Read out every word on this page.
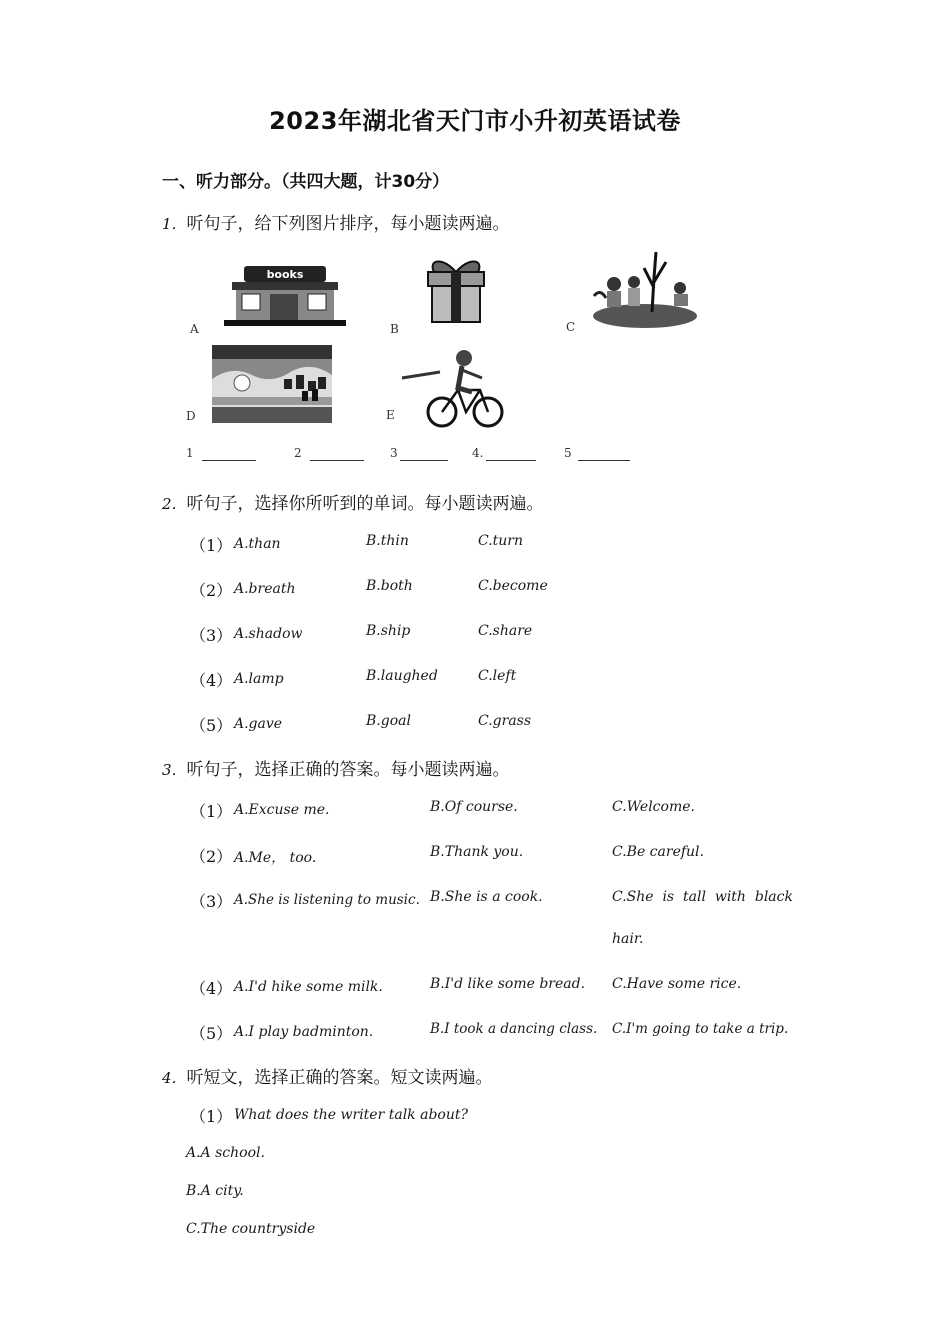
2023年湖北省天门市小升初英语试卷
一、听力部分。（共四大题，计30分）
1．听句子，给下列图片排序，每小题读两遍。
A
books
B	C
D	E
1	2	3	4.	5
2．听句子，选择你所听到的单词。每小题读两遍。
（1） A.than	B.thin	C.turn
（2） A.breath	B.both	C.become
（3） A.shadow	B.ship	C.share
（4） A.lamp	B.laughed	C.left
（5） A.gave	B.goal	C.grass
3．听句子，选择正确的答案。每小题读两遍。
（1） A.Excuse me.	B.Of course.	C.Welcome.
（2） A.Me， too.	B.Thank you.	C.Be careful.
（3） A.She is listening to music. B.She is a cook.	C.She  is  tall  with  black
hair.
（4） A.I'd hike some milk.	B.I'd like some bread. C.Have some rice.
（5） A.I play badminton.	B.I took a dancing class. C.I'm going to take a trip.
4．听短文，选择正确的答案。短文读两遍。
（1） What does the writer talk about?
A.A school.
B.A city.
C.The countryside
